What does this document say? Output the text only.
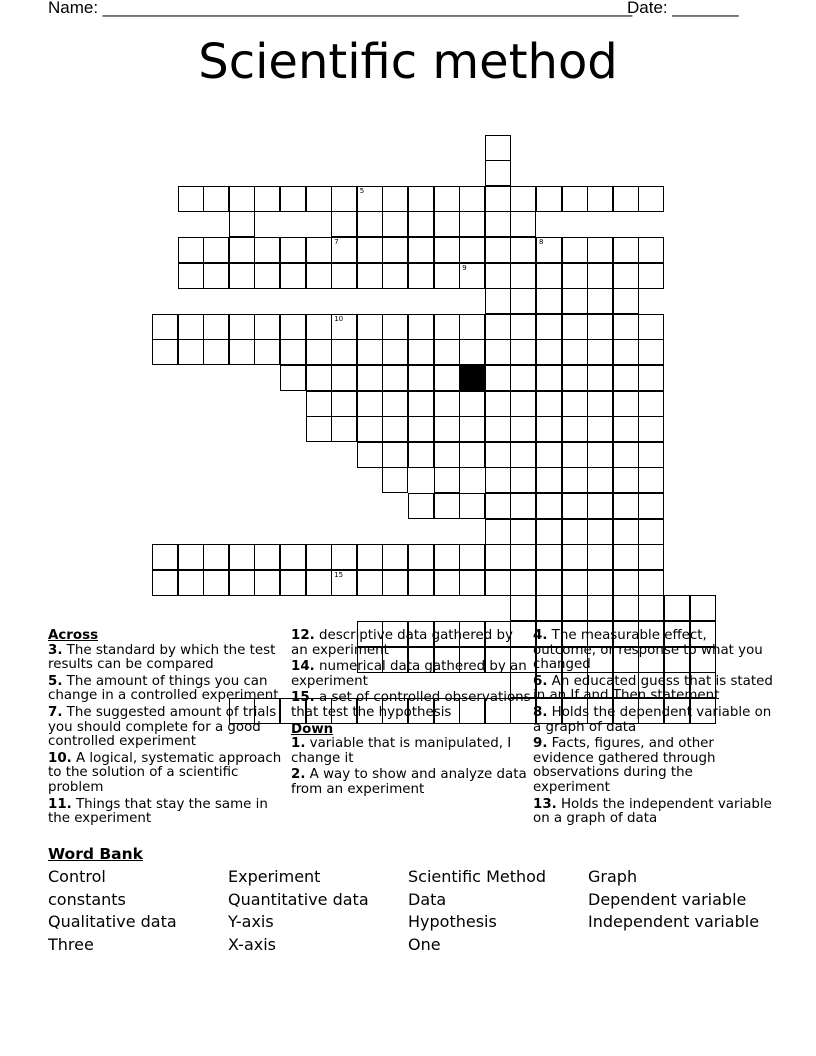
Name: ________________________________________________________
Date: _______
Scientific method
5
7	8
9
10
15
Across
3. The standard by which the test results can be compared
5. The amount of things you can change in a controlled experiment
7. The suggested amount of trials you should complete for a good controlled experiment
10. A logical, systematic approach to the solution of a scientific problem
11. Things that stay the same in the experiment
12. descriptive data gathered by an experiment
14. numerical data gathered by an experiment
15. a set of controlled observations that test the hypothesis
Down
1. variable that is manipulated, I change it
2. A way to show and analyze data from an experiment
4. The measurable effect, outcome, or response to what you changed
6. An educated guess that is stated in an If and Then statement
8. Holds the dependent variable on a graph of data
9. Facts, figures, and other evidence gathered through observations during the experiment
13. Holds the independent variable on a graph of data
Word Bank
Control
constants
Qualitative data
Three
Experiment
Quantitative data
Y-axis
X-axis
Scientific Method
Data
Hypothesis
One
Graph
Dependent variable
Independent variable
